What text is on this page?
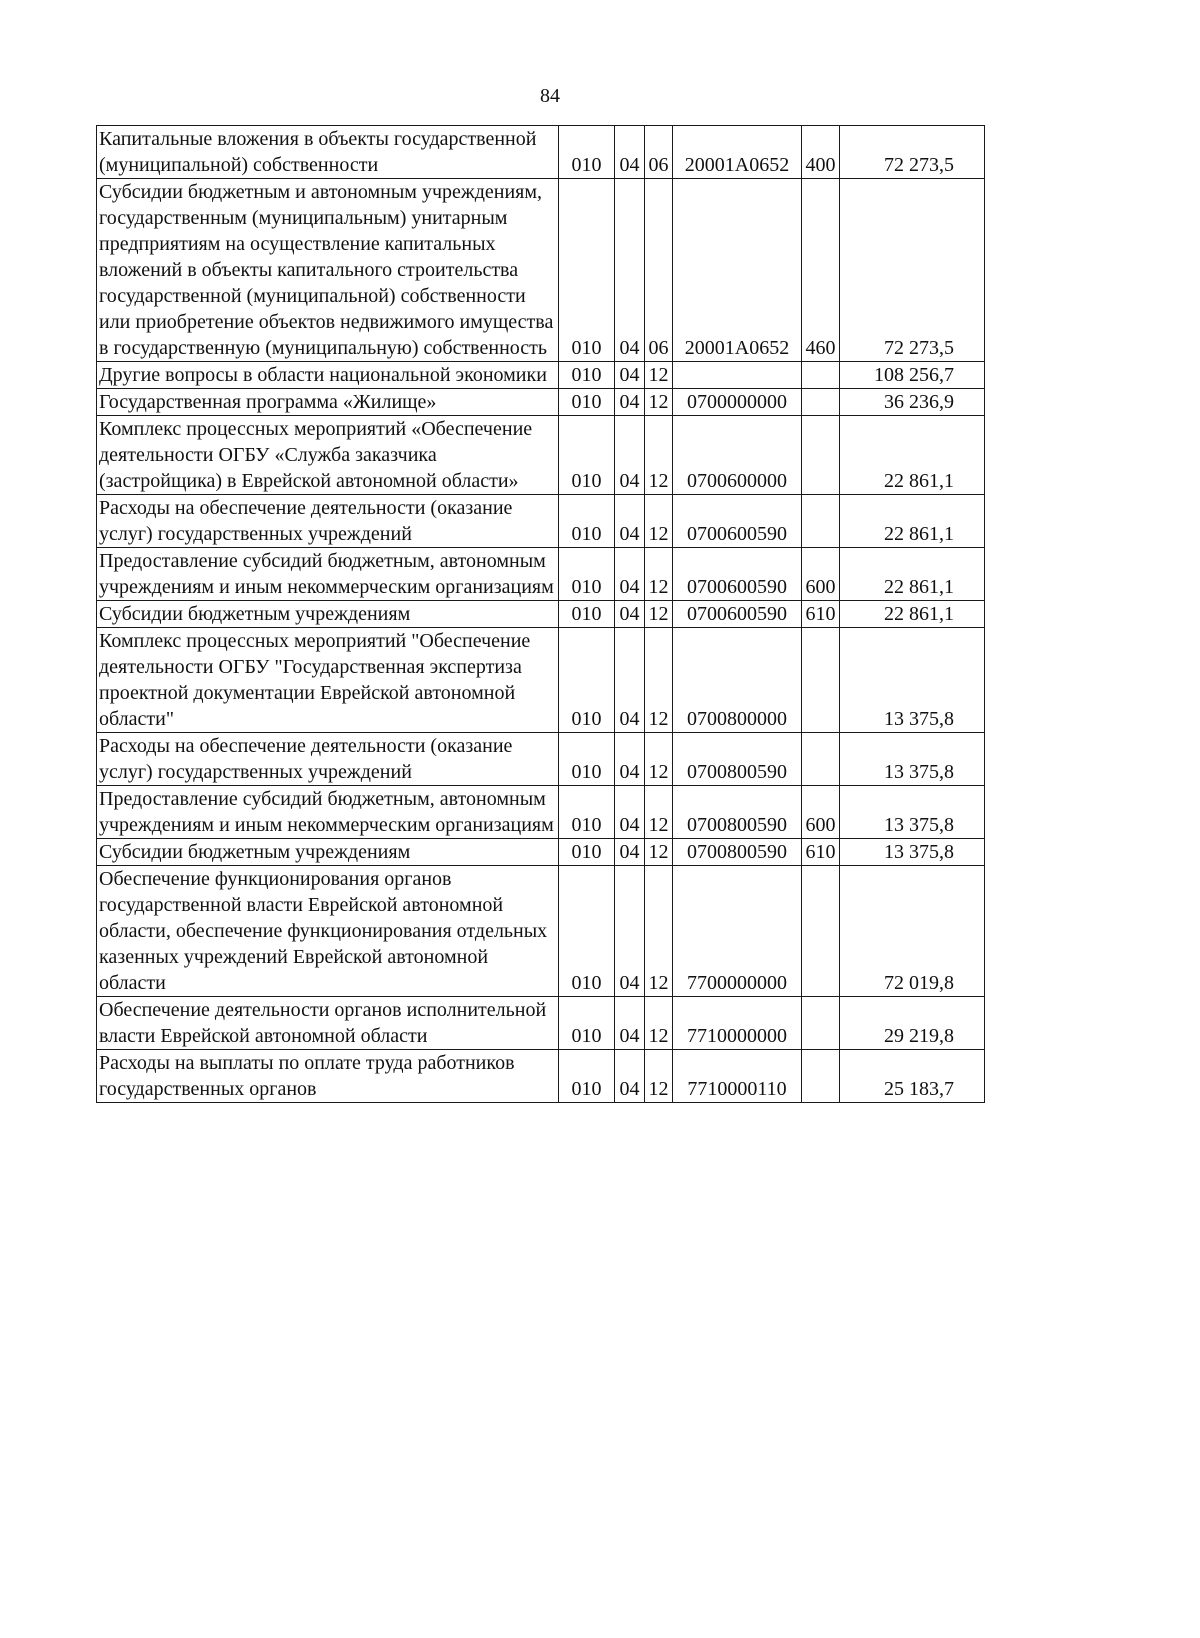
84
Капитальные вложения в объекты государственной (муниципальной) собственности	010	04	06	20001А0652	400	72 273,5
Субсидии бюджетным и автономным учреждениям, государственным (муниципальным) унитарным предприятиям на осуществление капитальных вложений в объекты капитального строительства государственной (муниципальной) собственности или приобретение объектов недвижимого имущества в государственную (муниципальную) собственность	010	04	06	20001А0652	460	72 273,5
Другие вопросы в области национальной экономики	010	04	12			108 256,7
Государственная программа «Жилище»	010	04	12	0700000000		36 236,9
Комплекс процессных мероприятий «Обеспечение деятельности ОГБУ «Служба заказчика (застройщика) в Еврейской автономной области»	010	04	12	0700600000		22 861,1
Расходы на обеспечение деятельности (оказание услуг) государственных учреждений	010	04	12	0700600590		22 861,1
Предоставление субсидий бюджетным, автономным учреждениям и иным некоммерческим организациям	010	04	12	0700600590	600	22 861,1
Субсидии бюджетным учреждениям	010	04	12	0700600590	610	22 861,1
Комплекс процессных мероприятий "Обеспечение деятельности ОГБУ "Государственная экспертиза проектной документации Еврейской автономной области"	010	04	12	0700800000		13 375,8
Расходы на обеспечение деятельности (оказание услуг) государственных учреждений	010	04	12	0700800590		13 375,8
Предоставление субсидий бюджетным, автономным учреждениям и иным некоммерческим организациям	010	04	12	0700800590	600	13 375,8
Субсидии бюджетным учреждениям	010	04	12	0700800590	610	13 375,8
Обеспечение функционирования органов государственной власти Еврейской автономной области, обеспечение функционирования отдельных казенных учреждений Еврейской автономной области	010	04	12	7700000000		72 019,8
Обеспечение деятельности органов исполнительной власти Еврейской автономной области	010	04	12	7710000000		29 219,8
Расходы на выплаты по оплате труда работников государственных органов	010	04	12	7710000110		25 183,7
